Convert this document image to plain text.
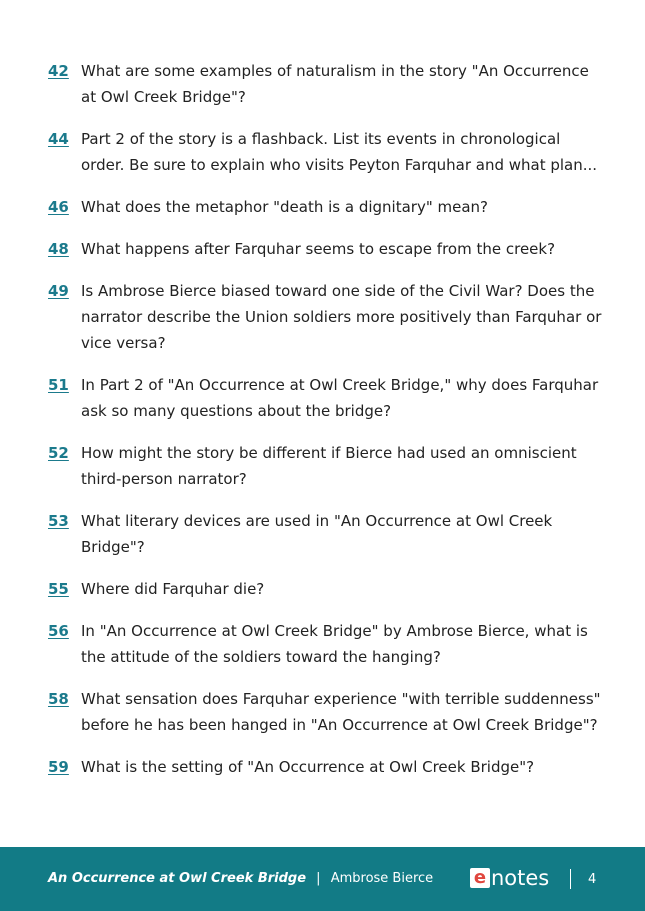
42 What are some examples of naturalism in the story "An Occurrence at Owl Creek Bridge"?
44 Part 2 of the story is a flashback. List its events in chronological order. Be sure to explain who visits Peyton Farquhar and what plan...
46 What does the metaphor "death is a dignitary" mean?
48 What happens after Farquhar seems to escape from the creek?
49 Is Ambrose Bierce biased toward one side of the Civil War? Does the narrator describe the Union soldiers more positively than Farquhar or vice versa?
51 In Part 2 of "An Occurrence at Owl Creek Bridge," why does Farquhar ask so many questions about the bridge?
52 How might the story be different if Bierce had used an omniscient third-person narrator?
53 What literary devices are used in "An Occurrence at Owl Creek Bridge"?
55 Where did Farquhar die?
56 In "An Occurrence at Owl Creek Bridge" by Ambrose Bierce, what is the attitude of the soldiers toward the hanging?
58 What sensation does Farquhar experience "with terrible suddenness" before he has been hanged in "An Occurrence at Owl Creek Bridge"?
59 What is the setting of "An Occurrence at Owl Creek Bridge"?
An Occurrence at Owl Creek Bridge | Ambrose Bierce e notes	4
